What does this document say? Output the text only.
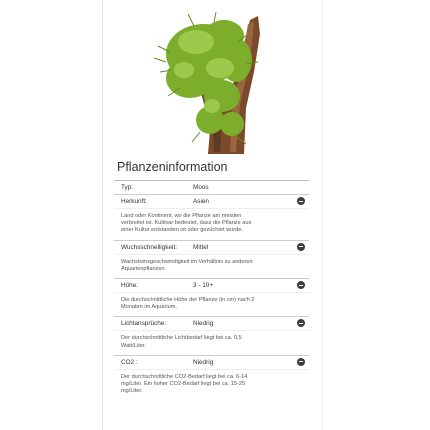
Pflanzeninformation
Typ:	Moos
Herkunft:	Asien
Land oder Kontinent, wo die Pflanze am meisten
verbreitet ist. Kultivar bedeutet, dass die Pflanze aus
einer Kultur entstanden ist oder gezüchtet wurde.
Wuchsschnelligkeit: Mittel
Wachstumsgeschwindigkeit im Verhältnis zu anderen
Aquarienpflanzen.
Höhe:	3 - 10+
Die durchschnittliche Höhe der Pflanze (in cm) nach 2
Monaten im Aquarium.
Lichtansprüche:	Niedrig
Der durchschnittliche Lichtbedarf liegt bei ca. 0,5
Watt/Liter.
CO2 :	Niedrig
Der durchschnittliche CO2-Bedarf liegt bei ca. 6-14
mg/Liter. Ein hoher CO2-Bedarf liegt bei ca. 15-25
mg/Liter.
